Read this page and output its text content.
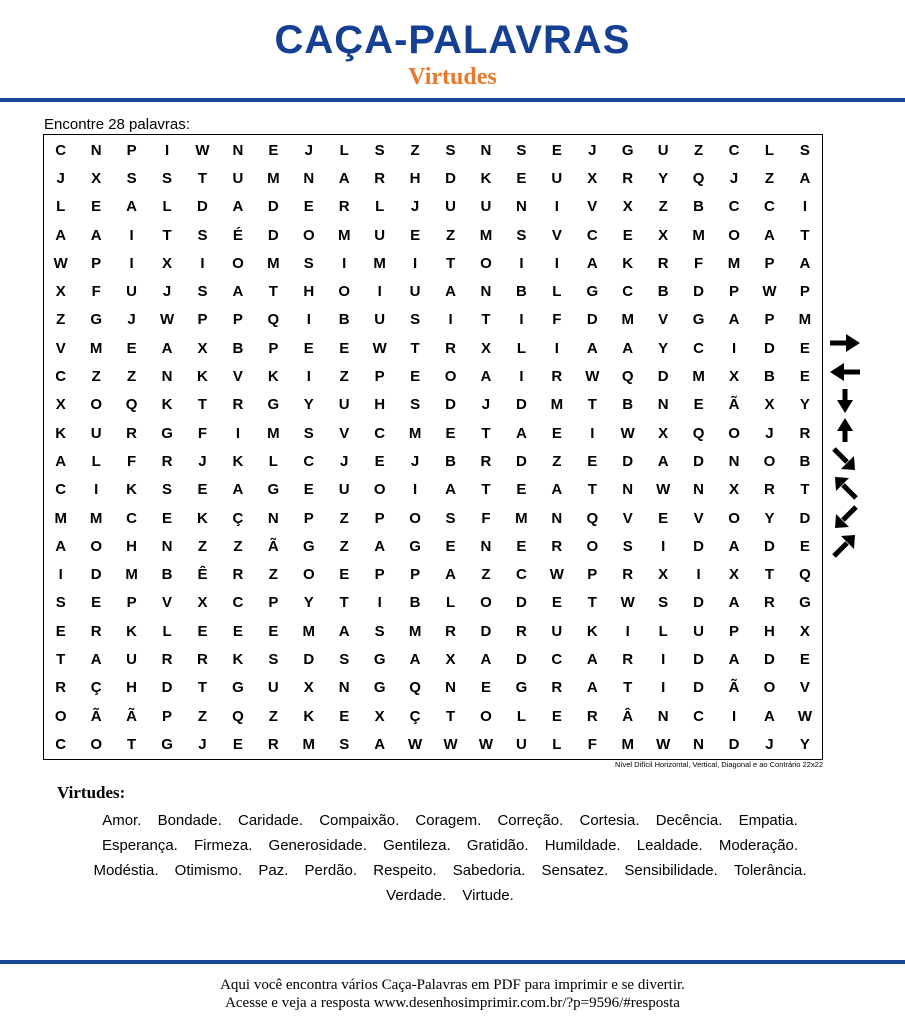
CAÇA-PALAVRAS
Virtudes
Encontre 28 palavras:
C	N	P	I	W	N	E	J	L	S	Z	S	N	S	E	J	G	U	Z	C	L	S
J	X	S	S	T	U	M	N	A	R	H	D	K	E	U	X	R	Y	Q	J	Z	A
L	E	A	L	D	A	D	E	R	L	J	U	U	N	I	V	X	Z	B	C	C	I
A	A	I	T	S	É	D	O	M	U	E	Z	M	S	V	C	E	X	M	O	A	T
W	P	I	X	I	O	M	S	I	M	I	T	O	I	I	A	K	R	F	M	P	A
X	F	U	J	S	A	T	H	O	I	U	A	N	B	L	G	C	B	D	P	W	P
Z	G	J	W	P	P	Q	I	B	U	S	I	T	I	F	D	M	V	G	A	P	M
V	M	E	A	X	B	P	E	E	W	T	R	X	L	I	A	A	Y	C	I	D	E
C	Z	Z	N	K	V	K	I	Z	P	E	O	A	I	R	W	Q	D	M	X	B	E
X	O	Q	K	T	R	G	Y	U	H	S	D	J	D	M	T	B	N	E	Ã	X	Y
K	U	R	G	F	I	M	S	V	C	M	E	T	A	E	I	W	X	Q	O	J	R
A	L	F	R	J	K	L	C	J	E	J	B	R	D	Z	E	D	A	D	N	O	B
C	I	K	S	E	A	G	E	U	O	I	A	T	E	A	T	N	W	N	X	R	T
M	M	C	E	K	Ç	N	P	Z	P	O	S	F	M	N	Q	V	E	V	O	Y	D
A	O	H	N	Z	Z	Ã	G	Z	A	G	E	N	E	R	O	S	I	D	A	D	E
I	D	M	B	Ê	R	Z	O	E	P	P	A	Z	C	W	P	R	X	I	X	T	Q
S	E	P	V	X	C	P	Y	T	I	B	L	O	D	E	T	W	S	D	A	R	G
E	R	K	L	E	E	E	M	A	S	M	R	D	R	U	K	I	L	U	P	H	X
T	A	U	R	R	K	S	D	S	G	A	X	A	D	C	A	R	I	D	A	D	E
R	Ç	H	D	T	G	U	X	N	G	Q	N	E	G	R	A	T	I	D	Ã	O	V
O	Ã	Ã	P	Z	Q	Z	K	E	X	Ç	T	O	L	E	R	Â	N	C	I	A	W
C	O	T	G	J	E	R	M	S	A	W	W	W	U	L	F	M	W	N	D	J	Y
Nível Difícil Horizontal, Vertical, Diagonal e ao Contrário 22x22
Virtudes:
Amor. Bondade. Caridade. Compaixão. Coragem. Correção. Cortesia. Decência. Empatia. Esperança. Firmeza. Generosidade. Gentileza. Gratidão. Humildade. Lealdade. Moderação. Modéstia. Otimismo. Paz. Perdão. Respeito. Sabedoria. Sensatez. Sensibilidade. Tolerância. Verdade. Virtude.
Aqui você encontra vários Caça-Palavras em PDF para imprimir e se divertir.
Acesse e veja a resposta www.desenhosimprimir.com.br/?p=9596/#resposta
